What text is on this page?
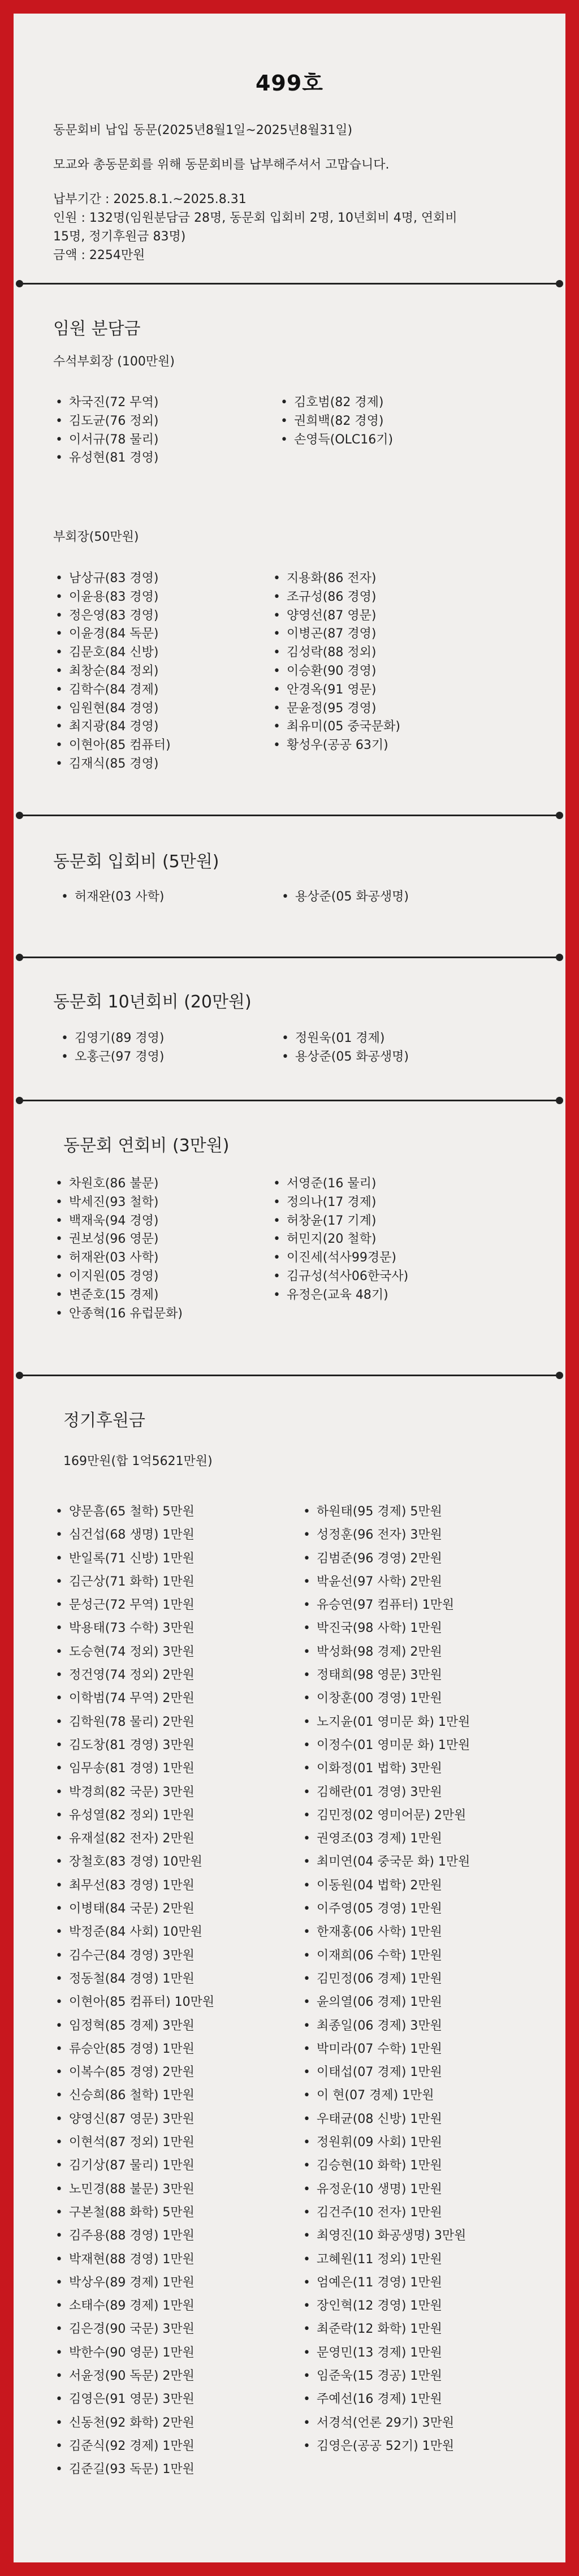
499호

동문회비 납입 동문(2025년8월1일~2025년8월31일)

모교와 총동문회를 위해 동문회비를 납부해주셔서 고맙습니다.

납부기간 : 2025.8.1.~2025.8.31

인원 : 132명(임원분담금 28명, 동문회 입회비 2명, 10년회비 4명, 연회비

15명, 정기후원금 83명)

금액 : 2254만원

임원 분담금
수석부회장 (100만원)
• 차국진(72 무역)
• 김도균(76 정외)
• 이서규(78 물리)
• 유성현(81 경영)
• 김호범(82 경제)
• 권희백(82 경영)
• 손영득(OLC16기)
부회장(50만원)
• 남상규(83 경영)
• 이윤용(83 경영)
• 정은영(83 경영)
• 이윤경(84 독문)
• 김문호(84 신방)
• 최창순(84 정외)
• 김학수(84 경제)
• 임원현(84 경영)
• 최지광(84 경영)
• 이현아(85 컴퓨터)
• 김재식(85 경영)
• 지용화(86 전자)
• 조규성(86 경영)
• 양영선(87 영문)
• 이병곤(87 경영)
• 김성락(88 정외)
• 이승환(90 경영)
• 안경옥(91 영문)
• 문윤정(95 경영)
• 최유미(05 중국문화)
• 황성우(공공 63기)
동문회 입회비 (5만원)
• 허재완(03 사학)
•	용상준(05 화공생명)
동문회 10년회비 (20만원)
• 김영기(89 경영)
• 오홍근(97 경영)
• 정원욱(01 경제)
• 용상준(05 화공생명)
동문회 연회비 (3만원)
• 차원호(86 불문)
• 박세진(93 철학)
• 백재욱(94 경영)
• 권보성(96 영문)
• 허재완(03 사학)
• 이지원(05 경영)
• 변준호(15 경제)
• 안종혁(16 유럽문화)
• 서영준(16 물리)
• 정의나(17 경제)
• 허창윤(17 기계)
• 허민지(20 철학)
• 이진세(석사99경문)
• 김규성(석사06한국사)
• 유정은(교육 48기)
정기후원금
169만원(합 1억5621만원)
• 양문흠(65 철학) 5만원
• 심건섭(68 생명) 1만원
• 반일록(71 신방) 1만원
• 김근상(71 화학) 1만원
• 문성근(72 무역) 1만원
• 박용태(73 수학) 3만원
• 도승현(74 정외) 3만원
• 정건영(74 정외) 2만원
• 이학범(74 무역) 2만원
• 김학원(78 물리) 2만원
• 김도창(81 경영) 3만원
• 임무송(81 경영) 1만원
• 박경희(82 국문) 3만원
• 유성열(82 정외) 1만원
• 유재설(82 전자) 2만원
• 장철호(83 경영) 10만원
• 최무선(83 경영) 1만원
• 이병태(84 국문) 2만원
• 박정준(84 사회) 10만원
• 김수근(84 경영) 3만원
• 정동철(84 경영) 1만원
• 이현아(85 컴퓨터) 10만원
• 임정혁(85 경제) 3만원
• 류승안(85 경영) 1만원
• 이복수(85 경영) 2만원
• 신승희(86 철학) 1만원
• 양영신(87 영문) 3만원
• 이현석(87 정외) 1만원
• 김기상(87 물리) 1만원
• 노민경(88 불문) 3만원
• 구본철(88 화학) 5만원
• 김주용(88 경영) 1만원
• 박재현(88 경영) 1만원
• 박상우(89 경제) 1만원
• 소태수(89 경제) 1만원
• 김은경(90 국문) 3만원
• 박한수(90 영문) 1만원
• 서윤정(90 독문) 2만원
• 김영은(91 영문) 3만원
• 신동천(92 화학) 2만원
• 김준식(92 경제) 1만원
• 김준길(93 독문) 1만원
• 하원태(95 경제) 5만원
• 성정훈(96 전자) 3만원
• 김범준(96 경영) 2만원
• 박윤선(97 사학) 2만원
• 유승연(97 컴퓨터) 1만원
• 박진국(98 사학) 1만원
• 박성화(98 경제) 2만원
• 정태희(98 영문) 3만원
• 이창훈(00 경영) 1만원
• 노지윤(01 영미문 화) 1만원
• 이정수(01 영미문 화) 1만원
• 이화정(01 법학) 3만원
• 김해란(01 경영) 3만원
• 김민정(02 영미어문) 2만원
• 권영조(03 경제) 1만원
• 최미연(04 중국문 화) 1만원
• 이동원(04 법학) 2만원
• 이주영(05 경영) 1만원
• 한재홍(06 사학) 1만원
• 이재희(06 수학) 1만원
• 김민정(06 경제) 1만원
• 윤의열(06 경제) 1만원
• 최종일(06 경제) 3만원
• 박미라(07 수학) 1만원
• 이태섭(07 경제) 1만원
• 이 현(07 경제) 1만원
• 우태균(08 신방) 1만원
• 정원휘(09 사회) 1만원
• 김승현(10 화학) 1만원
• 유정운(10 생명) 1만원
• 김건주(10 전자) 1만원
• 최영진(10 화공생명) 3만원
• 고혜원(11 정외) 1만원
• 엄예은(11 경영) 1만원
• 장인혁(12 경영) 1만원
• 최준락(12 화학) 1만원
• 문영민(13 경제) 1만원
• 임준욱(15 경공) 1만원
• 주예선(16 경제) 1만원
• 서경석(언론 29기) 3만원
• 김영은(공공 52기) 1만원
